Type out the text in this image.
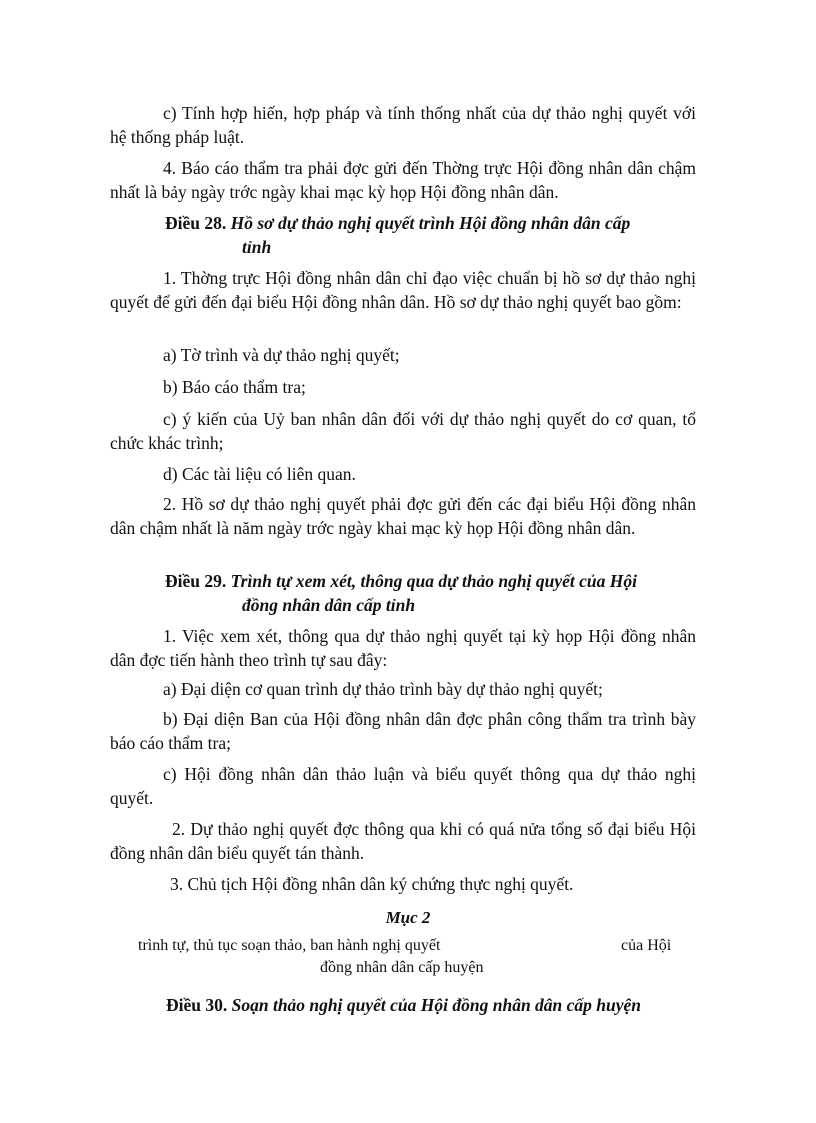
c) Tính hợp hiến, hợp pháp và tính thống nhất của dự thảo nghị quyết với hệ thống pháp luật.

4. Báo cáo thẩm tra phải đợc gửi đến Thờng trực Hội đồng nhân dân chậm nhất là bảy ngày trớc ngày khai mạc kỳ họp Hội đồng nhân dân.

Điều 28. Hồ sơ dự thảo nghị quyết trình Hội đồng nhân dân cấp
tỉnh

1. Thờng trực Hội đồng nhân dân chỉ đạo việc chuẩn bị hồ sơ dự thảo nghị quyết để gửi đến đại biểu Hội đồng nhân dân. Hồ sơ dự thảo nghị quyết bao gồm:

a) Tờ trình và dự thảo nghị quyết;

b) Báo cáo thẩm tra;

c) ý kiến của Uỷ ban nhân dân đối với dự thảo nghị quyết do cơ quan, tổ chức khác trình;

d) Các tài liệu có liên quan.

2. Hồ sơ dự thảo nghị quyết phải đợc gửi đến các đại biểu Hội đồng nhân dân chậm nhất là năm ngày trớc ngày khai mạc kỳ họp Hội đồng nhân dân.

Điều 29. Trình tự xem xét, thông qua dự thảo nghị quyết của Hội
đồng nhân dân cấp tỉnh

1. Việc xem xét, thông qua dự thảo nghị quyết tại kỳ họp Hội đồng nhân dân đợc tiến hành theo trình tự sau đây:

a) Đại diện cơ quan trình dự thảo trình bày dự thảo nghị quyết;

b) Đại diện Ban của Hội đồng nhân dân đợc phân công thẩm tra trình bày báo cáo thẩm tra;

c) Hội đồng nhân dân thảo luận và biểu quyết thông qua dự thảo nghị quyết.

2. Dự thảo nghị quyết đợc thông qua khi có quá nửa tổng số đại biểu Hội đồng nhân dân biểu quyết tán thành.

3. Chủ tịch Hội đồng nhân dân ký chứng thực nghị quyết.

Mục 2

trình tự, thủ tục soạn thảo, ban hành nghị quyết	của Hội

đồng nhân dân cấp huyện

Điều 30. Soạn thảo nghị quyết của Hội đồng nhân dân cấp huyện
